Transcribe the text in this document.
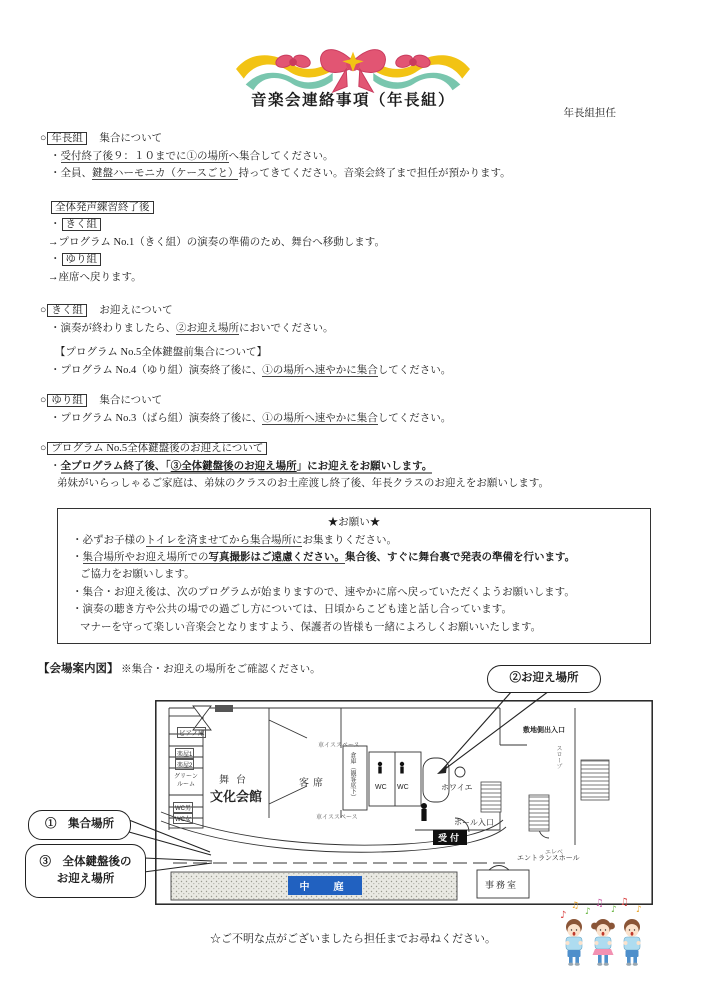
音楽会連絡事項（年長組）
年長組担任
○ 年長組　集合について
・受付終了後９：１０までに①の場所へ集合してください。
・全員、鍵盤ハーモニカ（ケースごと）持ってきてください。音楽会終了まで担任が預かります。
全体発声練習終了後
・ きく組
→プログラム No.1（きく組）の演奏の準備のため、舞台へ移動します。
・ ゆり組
→座席へ戻ります。
○ きく組　お迎えについて
・演奏が終わりましたら、②お迎え場所においでください。
【プログラム No.5全体鍵盤前集合について】
・プログラム No.4（ゆり組）演奏終了後に、①の場所へ速やかに集合してください。
○ ゆり組　集合について
・プログラム No.3（ばら組）演奏終了後に、①の場所へ速やかに集合してください。
○ プログラム No.5全体鍵盤後のお迎えについて
・全プログラム終了後、「③全体鍵盤後のお迎え場所」にお迎えをお願いします。
弟妹がいらっしゃるご家庭は、弟妹のクラスのお土産渡し終了後、年長クラスのお迎えをお願いします。
★お願い★
・必ずお子様のトイレを済ませてから集合場所にお集まりください。
・集合場所やお迎え場所での写真撮影はご遠慮ください。集合後、すぐに舞台裏で発表の準備を行います。
ご協力をお願いします。
・集合・お迎え後は、次のプログラムが始まりますので、速やかに席へ戻っていただくようお願いします。
・演奏の聴き方や公共の場での過ごし方については、日頃からこども達と話し合っています。
マナーを守って楽しい音楽会となりますよう、保護者の皆様も一緒によろしくお願いいたします。
【会場案内図】 ※集合・お迎えの場所をご確認ください。
ピアノ庫
楽屋1
楽屋2
グリーンルーム
WC男
WC女
舞台
文化会館
客席	倉庫（観客席下）	WC WC	ホワイエ
敷地側出入口
ホール入口
受付
エントランスホール
事務室
中　庭
エレベ
スロープ
車イススペース
車イススペース
②お迎え場所
①　集合場所
③　全体鍵盤後の
お迎え場所
☆ご不明な点がございましたら担任までお尋ねください。
♪
♫
♪
♫
♪
♫
♪
